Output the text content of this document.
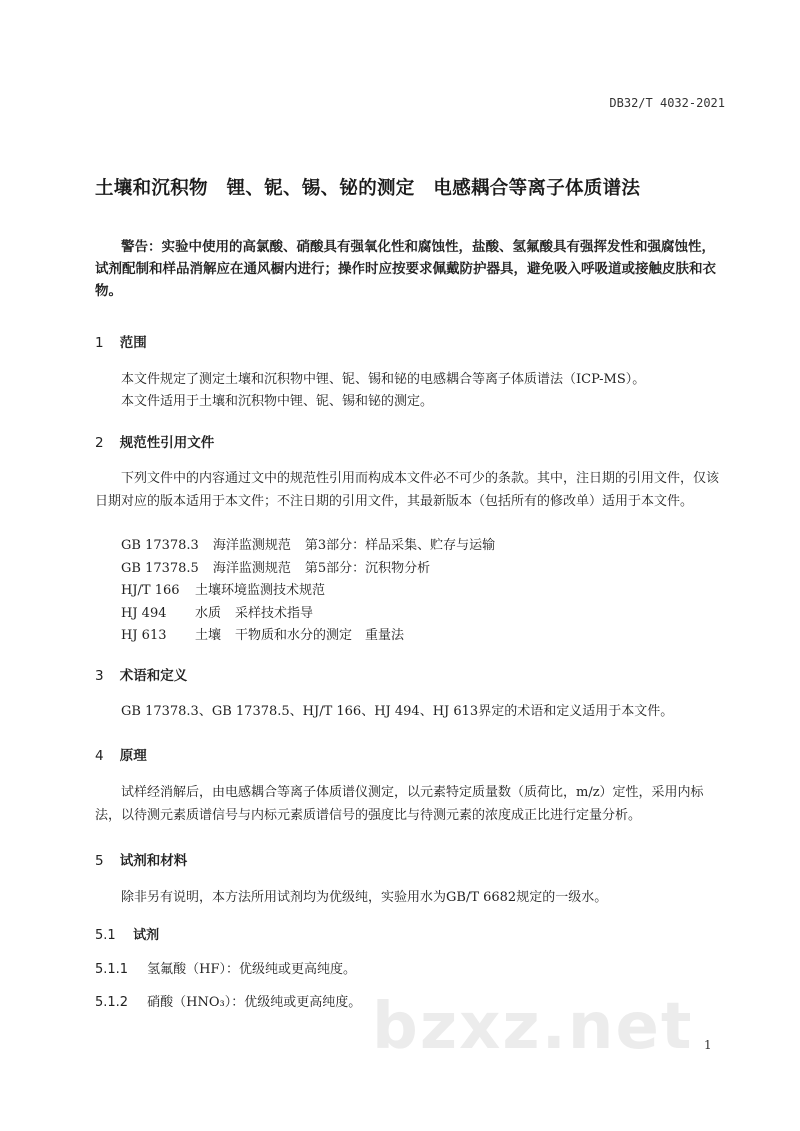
DB32/T 4032-2021
土壤和沉积物　锂、铌、锡、铋的测定　电感耦合等离子体质谱法
警告：实验中使用的高氯酸、硝酸具有强氧化性和腐蚀性，盐酸、氢氟酸具有强挥发性和强腐蚀性，试剂配制和样品消解应在通风橱内进行；操作时应按要求佩戴防护器具，避免吸入呼吸道或接触皮肤和衣物。
1 范围
本文件规定了测定土壤和沉积物中锂、铌、锡和铋的电感耦合等离子体质谱法（ICP-MS）。
本文件适用于土壤和沉积物中锂、铌、锡和铋的测定。
2 规范性引用文件
下列文件中的内容通过文中的规范性引用而构成本文件必不可少的条款。其中，注日期的引用文件，仅该日期对应的版本适用于本文件；不注日期的引用文件，其最新版本（包括所有的修改单）适用于本文件。
GB 17378.3 海洋监测规范 第3部分：样品采集、贮存与运输
GB 17378.5 海洋监测规范 第5部分：沉积物分析
HJ/T 166 土壤环境监测技术规范
HJ 494 水质 采样技术指导
HJ 613 土壤 干物质和水分的测定　重量法
3 术语和定义
GB 17378.3、GB 17378.5、HJ/T 166、HJ 494、HJ 613界定的术语和定义适用于本文件。
4 原理
试样经消解后，由电感耦合等离子体质谱仪测定，以元素特定质量数（质荷比，m/z）定性，采用内标法，以待测元素质谱信号与内标元素质谱信号的强度比与待测元素的浓度成正比进行定量分析。
5 试剂和材料
除非另有说明，本方法所用试剂均为优级纯，实验用水为GB/T 6682规定的一级水。
5.1 试剂
5.1.1 氢氟酸（HF）：优级纯或更高纯度。
5.1.2 硝酸（HNO₃）：优级纯或更高纯度。 bzxz.net 1
